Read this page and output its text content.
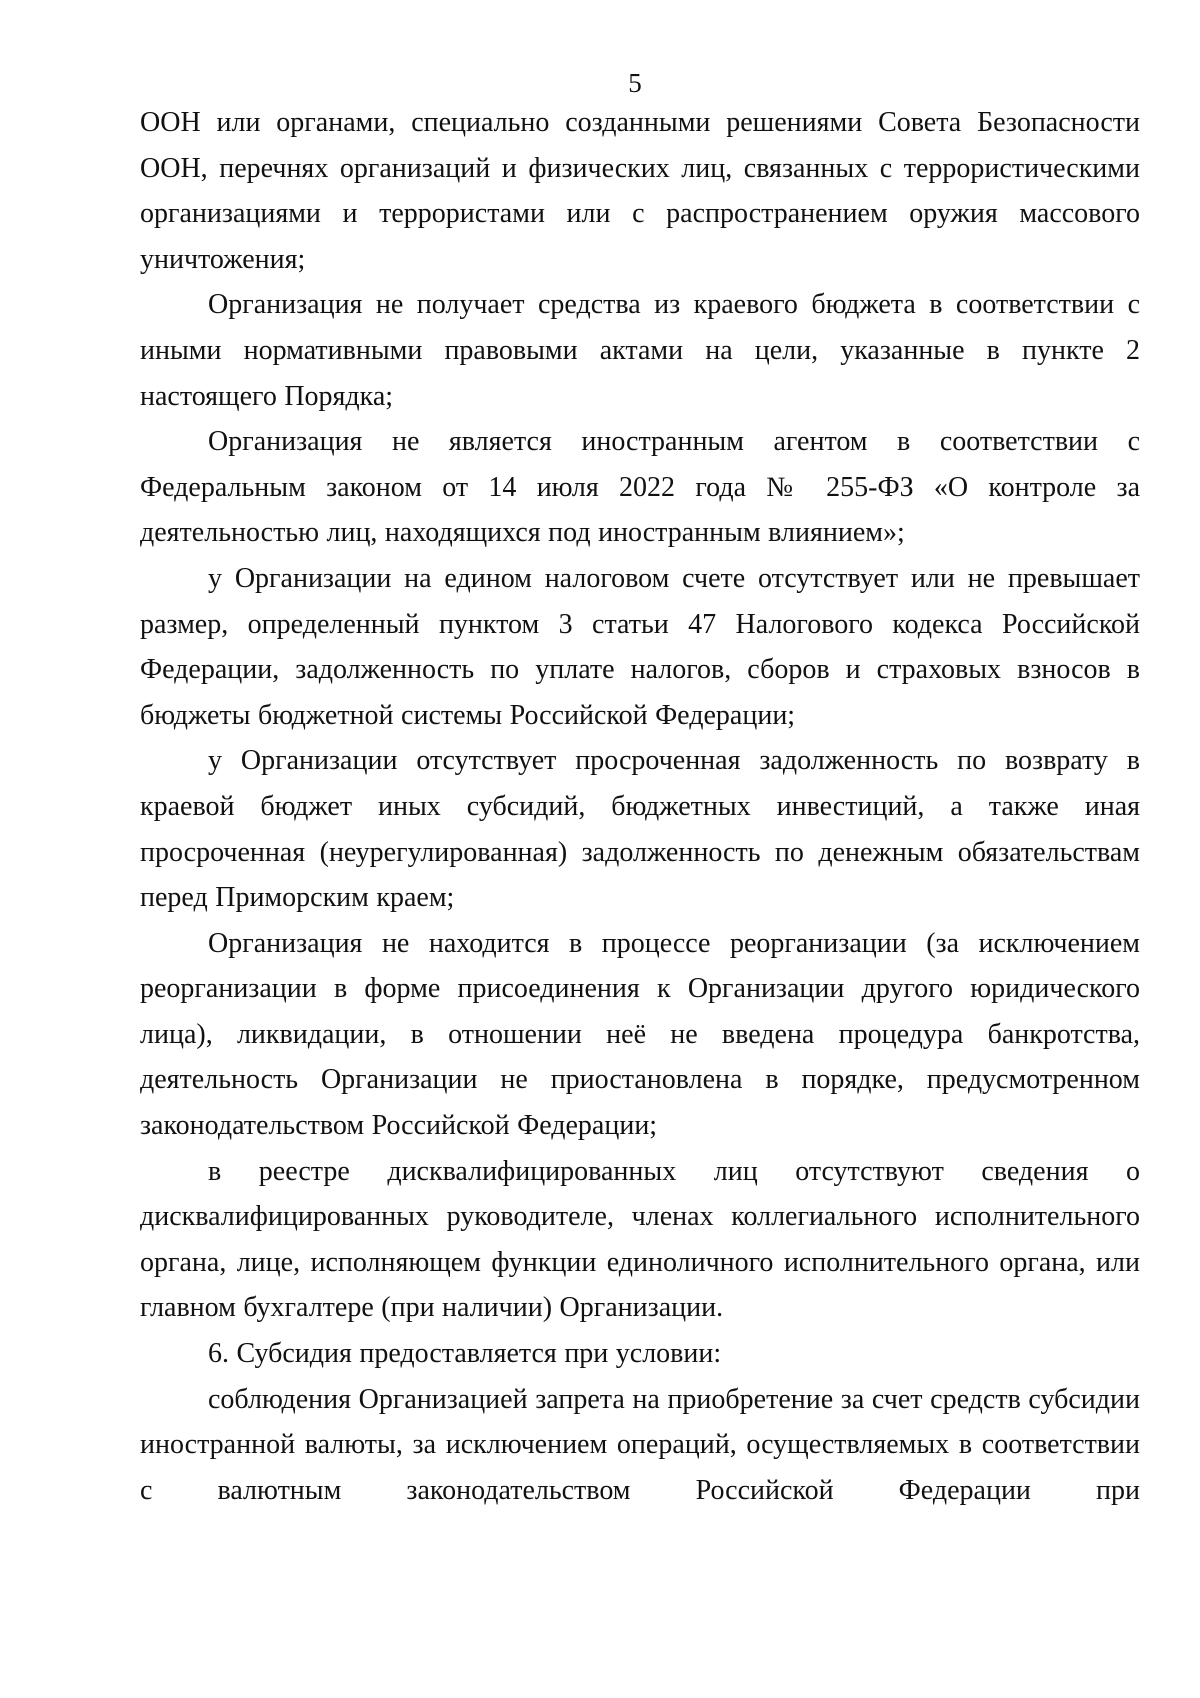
5

ООН или органами, специально созданными решениями Совета Безопасности ООН, перечнях организаций и физических лиц, связанных с террористическими организациями и террористами или с распространением оружия массового уничтожения;

Организация не получает средства из краевого бюджета в соответствии с иными нормативными правовыми актами на цели, указанные в пункте 2 настоящего Порядка;

Организация не является иностранным агентом в соответствии с Федеральным законом от 14 июля 2022 года № 255-ФЗ «О контроле за деятельностью лиц, находящихся под иностранным влиянием»;

у Организации на едином налоговом счете отсутствует или не превышает размер, определенный пунктом 3 статьи 47 Налогового кодекса Российской Федерации, задолженность по уплате налогов, сборов и страховых взносов в бюджеты бюджетной системы Российской Федерации;

у Организации отсутствует просроченная задолженность по возврату в краевой бюджет иных субсидий, бюджетных инвестиций, а также иная просроченная (неурегулированная) задолженность по денежным обязательствам перед Приморским краем;

Организация не находится в процессе реорганизации (за исключением реорганизации в форме присоединения к Организации другого юридического лица), ликвидации, в отношении неё не введена процедура банкротства, деятельность Организации не приостановлена в порядке, предусмотренном законодательством Российской Федерации;

в реестре дисквалифицированных лиц отсутствуют сведения о дисквалифицированных руководителе, членах коллегиального исполнительного органа, лице, исполняющем функции единоличного исполнительного органа, или главном бухгалтере (при наличии) Организации.

6. Субсидия предоставляется при условии:

соблюдения Организацией запрета на приобретение за счет средств субсидии иностранной валюты, за исключением операций, осуществляемых в соответствии с валютным законодательством Российской Федерации при
